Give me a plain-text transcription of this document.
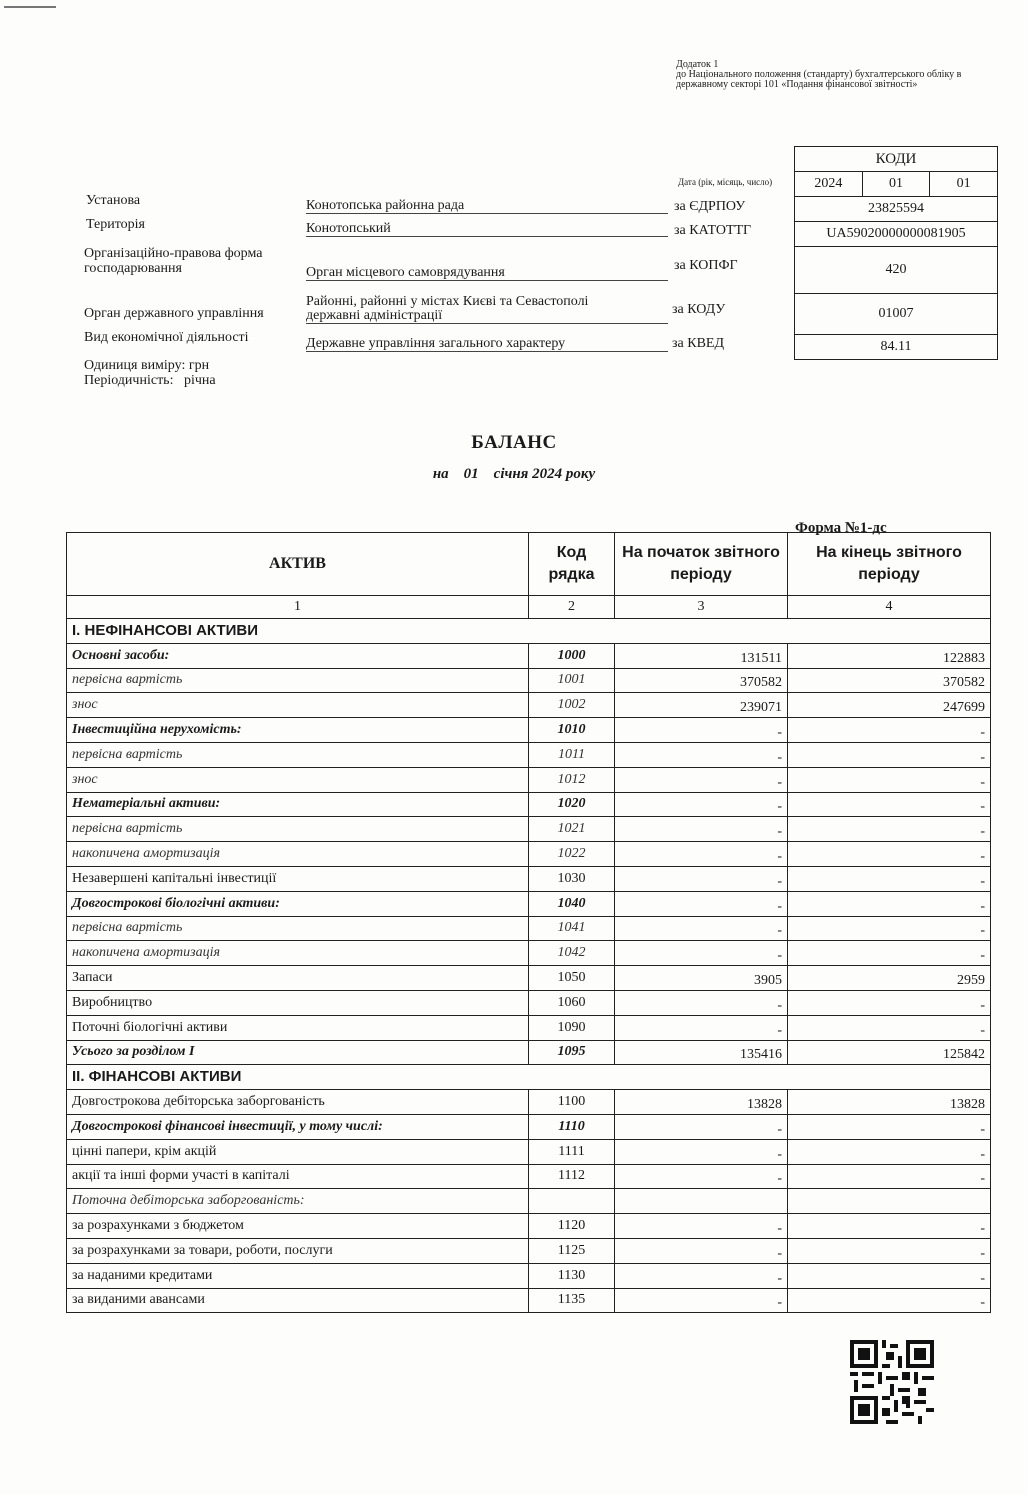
Додаток 1
до Національного положення (стандарту) бухгалтерського обліку в
державному секторі 101 «Подання фінансової звітності»
Дата (рік, місяць, число)
КОДИ
2024	01	01
23825594
UA59020000000081905
420
01007
84.11
Установа	Конотопська районна рада	за ЄДРПОУ
Територія	Конотопський	за КАТОТТГ
Організаційно-правова форма
господарювання	Орган місцевого самоврядування	за КОПФГ
Орган державного управління
Районні, районні у містах Києві та Севастополі
державні адміністрації	за КОДУ
Вид економічної діяльності	Державне управління загального характеру	за КВЕД
Одиниця виміру: грн
Періодичність:   річна
БАЛАНС
на    01    січня 2024 року
Форма №1-дс
АКТИВ	Код рядка	На початок звітного періоду	На кінець звітного періоду
1	2	3	4
І. НЕФІНАНСОВІ АКТИВИ			
Основні засоби:	1000	131511	122883
первісна вартість	1001	370582	370582
знос	1002	239071	247699
Інвестиційна нерухомість:	1010	-	-
первісна вартість	1011	-	-
знос	1012	-	-
Нематеріальні активи:	1020	-	-
первісна вартість	1021	-	-
накопичена амортизація	1022	-	-
Незавершені капітальні інвестиції	1030	-	-
Довгострокові біологічні активи:	1040	-	-
первісна вартість	1041	-	-
накопичена амортизація	1042	-	-
Запаси	1050	3905	2959
Виробництво	1060	-	-
Поточні біологічні активи	1090	-	-
Усього за розділом І	1095	135416	125842
ІІ. ФІНАНСОВІ АКТИВИ			
Довгострокова дебіторська заборгованість	1100	13828	13828
Довгострокові фінансові інвестиції, у тому числі:	1110	-	-
цінні папери, крім акцій	1111	-	-
акції та інші форми участі в капіталі	1112	-	-
Поточна дебіторська заборгованість:			
за розрахунками з бюджетом	1120	-	-
за розрахунками за товари, роботи, послуги	1125	-	-
за наданими кредитами	1130	-	-
за виданими авансами	1135	-	-
